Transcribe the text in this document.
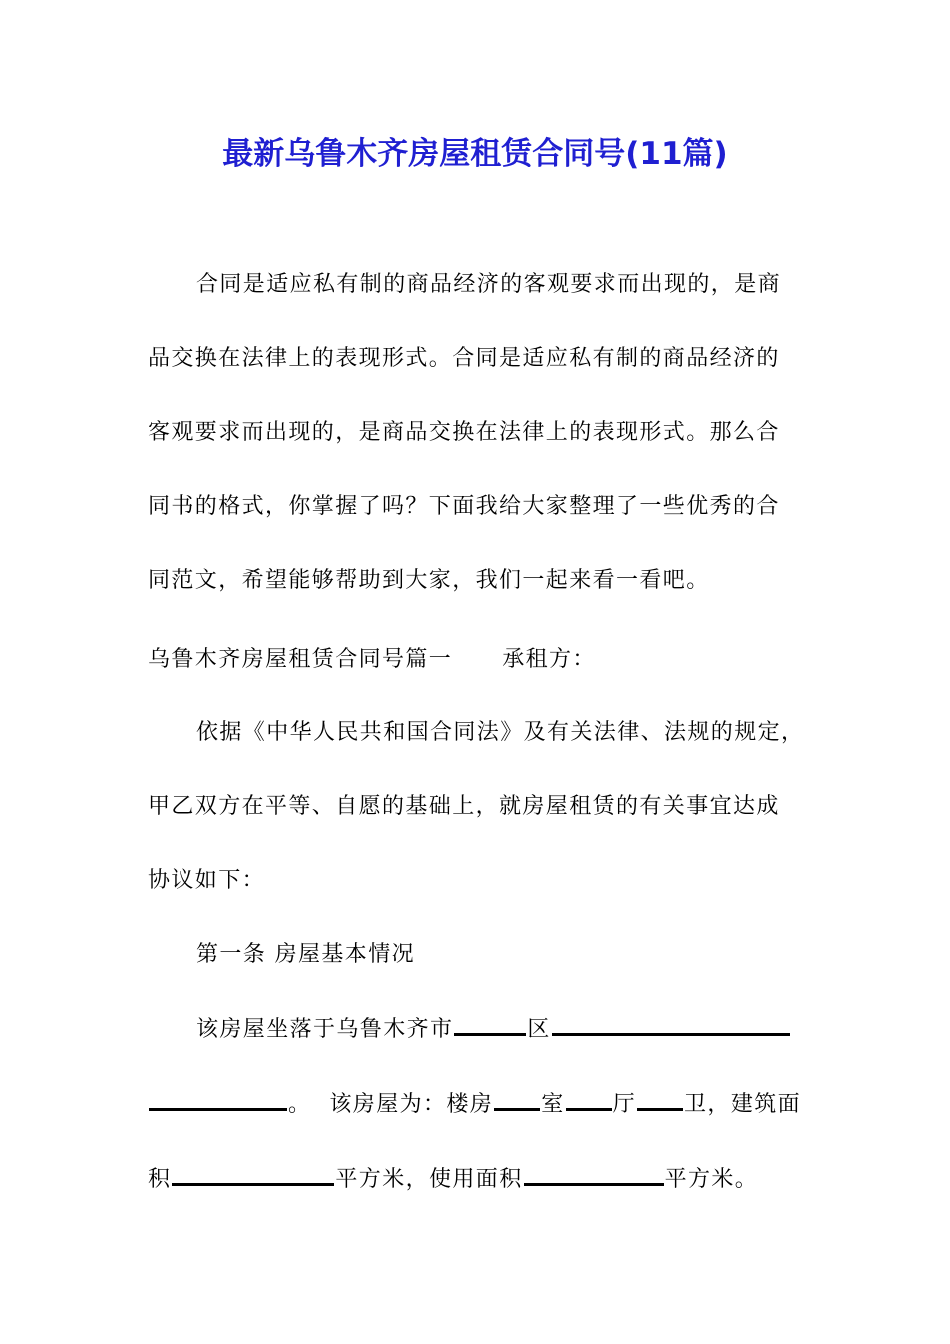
最新乌鲁木齐房屋租赁合同号(11篇)
合同是适应私有制的商品经济的客观要求而出现的，是商
品交换在法律上的表现形式。合同是适应私有制的商品经济的
客观要求而出现的，是商品交换在法律上的表现形式。那么合
同书的格式，你掌握了吗？下面我给大家整理了一些优秀的合
同范文，希望能够帮助到大家，我们一起来看一看吧。
乌鲁木齐房屋租赁合同号篇一 承租方：
依据《中华人民共和国合同法》及有关法律、法规的规定，
甲乙双方在平等、自愿的基础上，就房屋租赁的有关事宜达成
协议如下：
第一条 房屋基本情况
该房屋坐落于乌鲁木齐市	区
。 该房屋为：楼房 室 厅 卫，建筑面
积	平方米，使用面积	平方米。
